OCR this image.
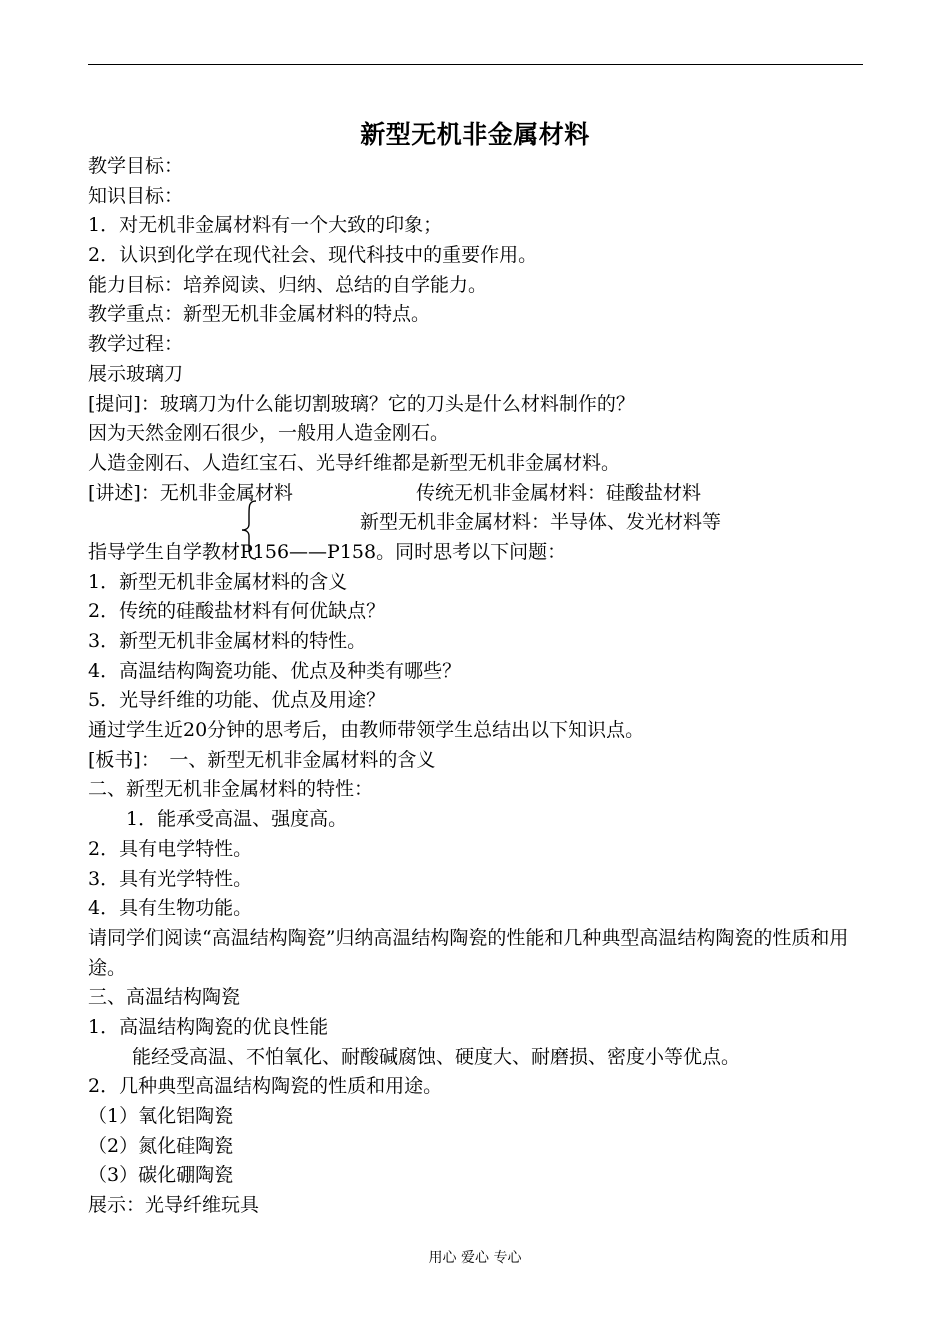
新型无机非金属材料
教学目标：
知识目标：
1．对无机非金属材料有一个大致的印象；
2．认识到化学在现代社会、现代科技中的重要作用。
能力目标：培养阅读、归纳、总结的自学能力。
教学重点：新型无机非金属材料的特点。
教学过程：
展示玻璃刀
[提问]：玻璃刀为什么能切割玻璃？它的刀头是什么材料制作的？
因为天然金刚石很少，一般用人造金刚石。
人造金刚石、人造红宝石、光导纤维都是新型无机非金属材料。
[讲述]：无机非金属材料	传统无机非金属材料：硅酸盐材料
新型无机非金属材料：半导体、发光材料等
指导学生自学教材P156——P158。同时思考以下问题：
1．新型无机非金属材料的含义
2．传统的硅酸盐材料有何优缺点？
3．新型无机非金属材料的特性。
4．高温结构陶瓷功能、优点及种类有哪些？
5．光导纤维的功能、优点及用途？
通过学生近20分钟的思考后，由教师带领学生总结出以下知识点。
[板书]：　一、新型无机非金属材料的含义
二、新型无机非金属材料的特性：
1．能承受高温、强度高。
2．具有电学特性。
3．具有光学特性。
4．具有生物功能。
请同学们阅读“高温结构陶瓷”归纳高温结构陶瓷的性能和几种典型高温结构陶瓷的性质和用途。
三、高温结构陶瓷
1．高温结构陶瓷的优良性能
能经受高温、不怕氧化、耐酸碱腐蚀、硬度大、耐磨损、密度小等优点。
2．几种典型高温结构陶瓷的性质和用途。
（1）氧化铝陶瓷
（2）氮化硅陶瓷
（3）碳化硼陶瓷
展示：光导纤维玩具
用心 爱心 专心
